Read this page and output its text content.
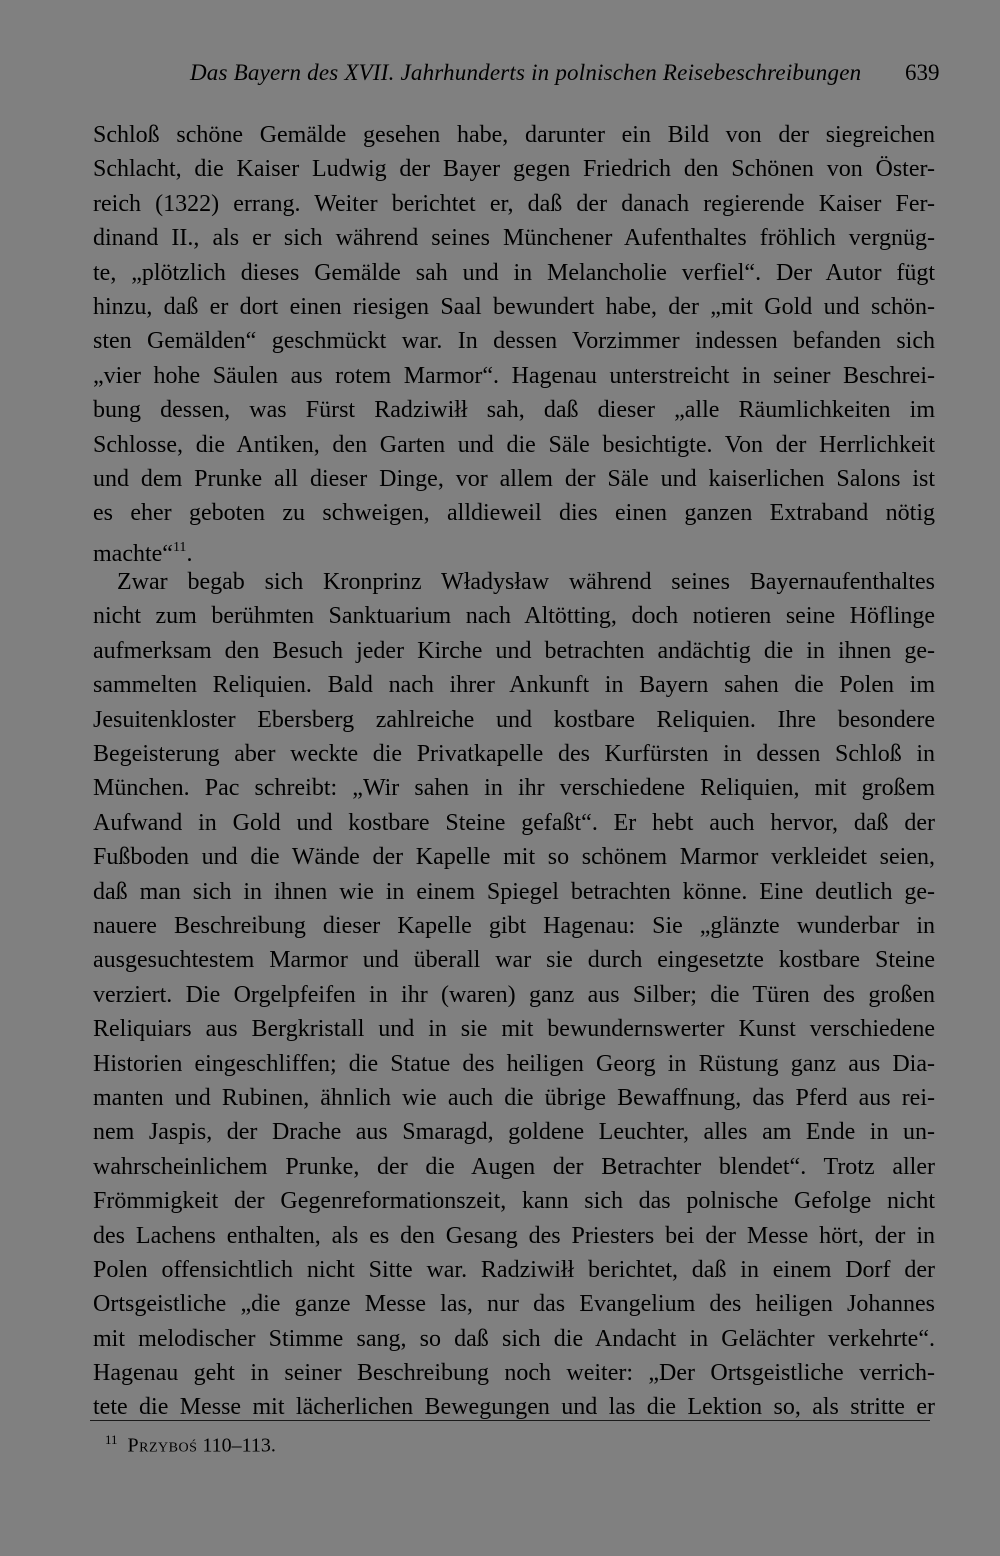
Das Bayern des XVII. Jahrhunderts in polnischen Reisebeschreibungen 639
Schloß schöne Gemälde gesehen habe, darunter ein Bild von der siegreichen
Schlacht, die Kaiser Ludwig der Bayer gegen Friedrich den Schönen von Öster-
reich (1322) errang. Weiter berichtet er, daß der danach regierende Kaiser Fer-
dinand II., als er sich während seines Münchener Aufenthaltes fröhlich vergnüg-
te, „plötzlich dieses Gemälde sah und in Melancholie verfiel“. Der Autor fügt
hinzu, daß er dort einen riesigen Saal bewundert habe, der „mit Gold und schön-
sten Gemälden“ geschmückt war. In dessen Vorzimmer indessen befanden sich
„vier hohe Säulen aus rotem Marmor“. Hagenau unterstreicht in seiner Beschrei-
bung dessen, was Fürst Radziwiłł sah, daß dieser „alle Räumlichkeiten im
Schlosse, die Antiken, den Garten und die Säle besichtigte. Von der Herrlichkeit
und dem Prunke all dieser Dinge, vor allem der Säle und kaiserlichen Salons ist
es eher geboten zu schweigen, alldieweil dies einen ganzen Extraband nötig
machte“$^{11}$.
Zwar begab sich Kronprinz Władysław während seines Bayernaufenthaltes
nicht zum berühmten Sanktuarium nach Altötting, doch notieren seine Höflinge
aufmerksam den Besuch jeder Kirche und betrachten andächtig die in ihnen ge-
sammelten Reliquien. Bald nach ihrer Ankunft in Bayern sahen die Polen im
Jesuitenkloster Ebersberg zahlreiche und kostbare Reliquien. Ihre besondere
Begeisterung aber weckte die Privatkapelle des Kurfürsten in dessen Schloß in
München. Pac schreibt: „Wir sahen in ihr verschiedene Reliquien, mit großem
Aufwand in Gold und kostbare Steine gefaßt“. Er hebt auch hervor, daß der
Fußboden und die Wände der Kapelle mit so schönem Marmor verkleidet seien,
daß man sich in ihnen wie in einem Spiegel betrachten könne. Eine deutlich ge-
nauere Beschreibung dieser Kapelle gibt Hagenau: Sie „glänzte wunderbar in
ausgesuchtestem Marmor und überall war sie durch eingesetzte kostbare Steine
verziert. Die Orgelpfeifen in ihr (waren) ganz aus Silber; die Türen des großen
Reliquiars aus Bergkristall und in sie mit bewundernswerter Kunst verschiedene
Historien eingeschliffen; die Statue des heiligen Georg in Rüstung ganz aus Dia-
manten und Rubinen, ähnlich wie auch die übrige Bewaffnung, das Pferd aus rei-
nem Jaspis, der Drache aus Smaragd, goldene Leuchter, alles am Ende in un-
wahrscheinlichem Prunke, der die Augen der Betrachter blendet“. Trotz aller
Frömmigkeit der Gegenreformationszeit, kann sich das polnische Gefolge nicht
des Lachens enthalten, als es den Gesang des Priesters bei der Messe hört, der in
Polen offensichtlich nicht Sitte war. Radziwiłł berichtet, daß in einem Dorf der
Ortsgeistliche „die ganze Messe las, nur das Evangelium des heiligen Johannes
mit melodischer Stimme sang, so daß sich die Andacht in Gelächter verkehrte“.
Hagenau geht in seiner Beschreibung noch weiter: „Der Ortsgeistliche verrich-
tete die Messe mit lächerlichen Bewegungen und las die Lektion so, als stritte er
$^{11}$ Przyboś 110–113.
